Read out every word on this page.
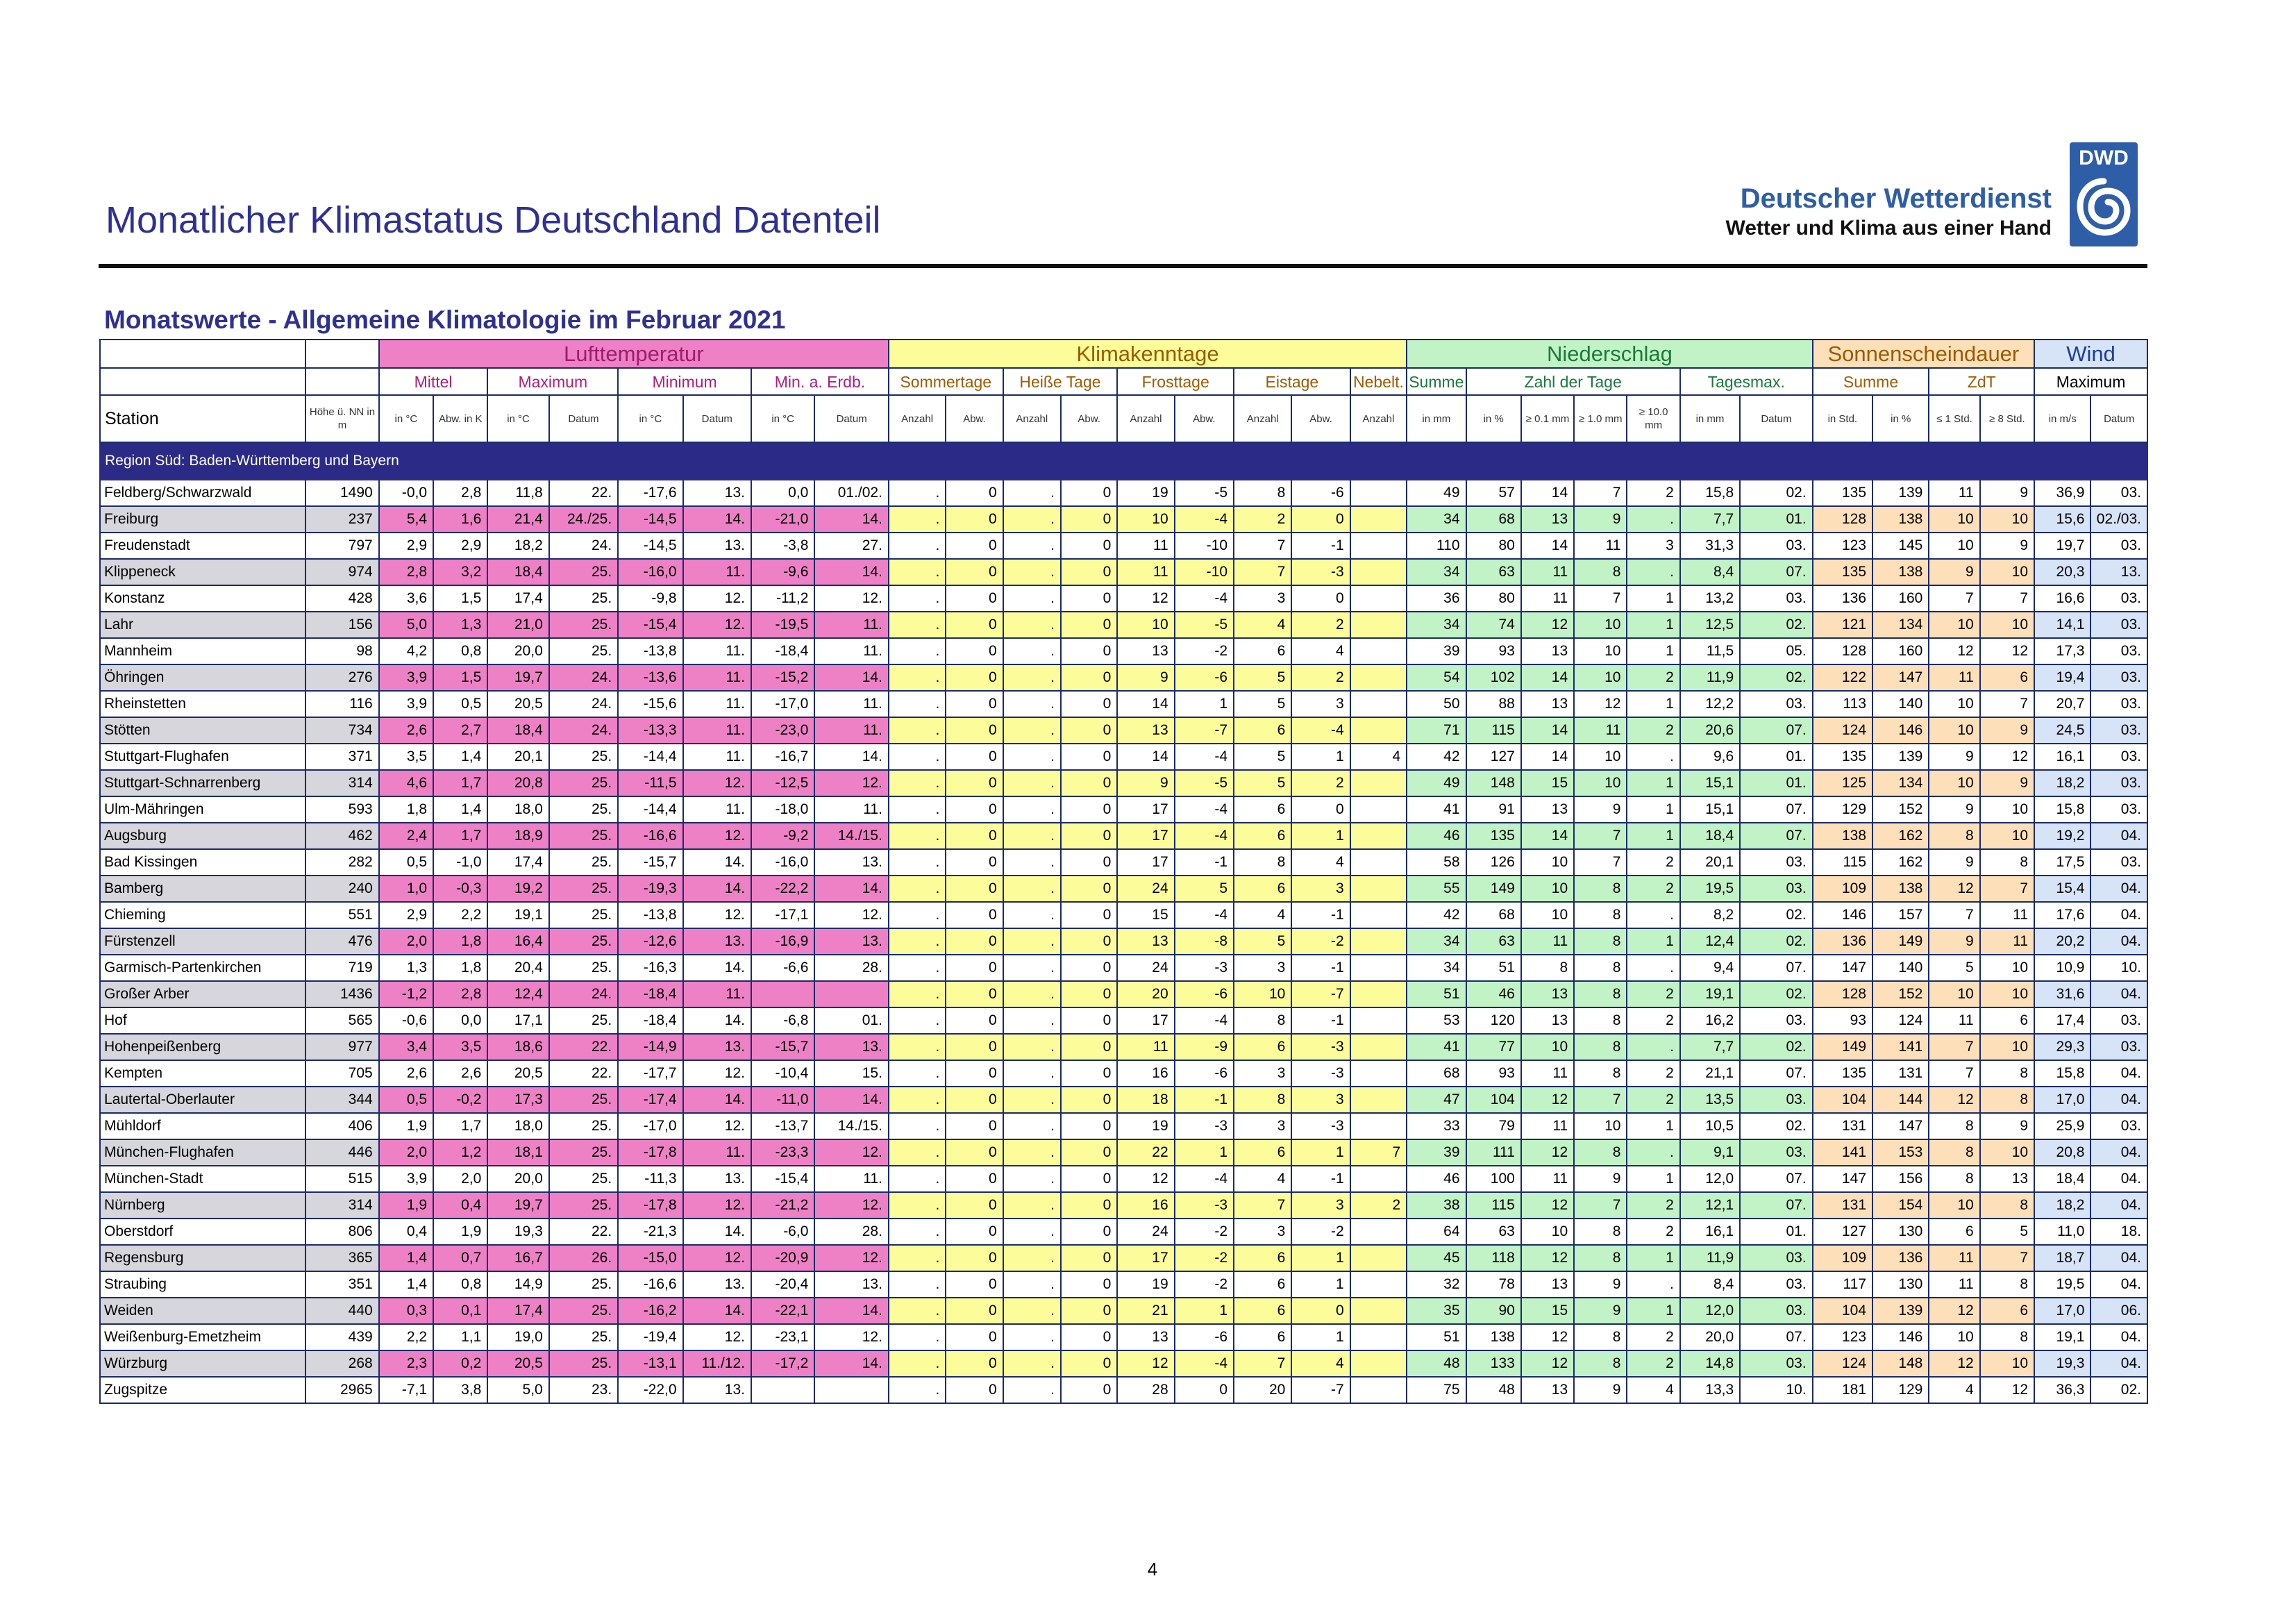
Monatlicher Klimastatus Deutschland Datenteil
Deutscher Wetterdienst
Wetter und Klima aus einer Hand
DWD
Monatswerte - Allgemeine Klimatologie im Februar 2021
		Lufttemperatur								Klimakenntage									Niederschlag							Sonnenscheindauer				Wind	
		Mittel		Maximum		Minimum		Min. a. Erdb.		Sommertage		Heiße Tage		Frosttage		Eistage		Nebelt.	Summe	Zahl der Tage				Tagesmax.		Summe		ZdT		Maximum	
Station	Höhe ü. NN in m	in °C	Abw. in K	in °C	Datum	in °C	Datum	in °C	Datum	Anzahl	Abw.	Anzahl	Abw.	Anzahl	Abw.	Anzahl	Abw.	Anzahl	in mm	in %	≥ 0.1 mm	≥ 1.0 mm	≥ 10.0 mm	in mm	Datum	in Std.	in %	≤ 1 Std.	≥ 8 Std.	in m/s	Datum
Region Süd: Baden-Württemberg und Bayern																															
Feldberg/Schwarzwald	1490	-0,0	2,8	11,8	22.	-17,6	13.	0,0	01./02.	.	0	.	0	19	-5	8	-6		49	57	14	7	2	15,8	02.	135	139	11	9	36,9	03.
Freiburg	237	5,4	1,6	21,4	24./25.	-14,5	14.	-21,0	14.	.	0	.	0	10	-4	2	0		34	68	13	9	.	7,7	01.	128	138	10	10	15,6	02./03.
Freudenstadt	797	2,9	2,9	18,2	24.	-14,5	13.	-3,8	27.	.	0	.	0	11	-10	7	-1		110	80	14	11	3	31,3	03.	123	145	10	9	19,7	03.
Klippeneck	974	2,8	3,2	18,4	25.	-16,0	11.	-9,6	14.	.	0	.	0	11	-10	7	-3		34	63	11	8	.	8,4	07.	135	138	9	10	20,3	13.
Konstanz	428	3,6	1,5	17,4	25.	-9,8	12.	-11,2	12.	.	0	.	0	12	-4	3	0		36	80	11	7	1	13,2	03.	136	160	7	7	16,6	03.
Lahr	156	5,0	1,3	21,0	25.	-15,4	12.	-19,5	11.	.	0	.	0	10	-5	4	2		34	74	12	10	1	12,5	02.	121	134	10	10	14,1	03.
Mannheim	98	4,2	0,8	20,0	25.	-13,8	11.	-18,4	11.	.	0	.	0	13	-2	6	4		39	93	13	10	1	11,5	05.	128	160	12	12	17,3	03.
Öhringen	276	3,9	1,5	19,7	24.	-13,6	11.	-15,2	14.	.	0	.	0	9	-6	5	2		54	102	14	10	2	11,9	02.	122	147	11	6	19,4	03.
Rheinstetten	116	3,9	0,5	20,5	24.	-15,6	11.	-17,0	11.	.	0	.	0	14	1	5	3		50	88	13	12	1	12,2	03.	113	140	10	7	20,7	03.
Stötten	734	2,6	2,7	18,4	24.	-13,3	11.	-23,0	11.	.	0	.	0	13	-7	6	-4		71	115	14	11	2	20,6	07.	124	146	10	9	24,5	03.
Stuttgart-Flughafen	371	3,5	1,4	20,1	25.	-14,4	11.	-16,7	14.	.	0	.	0	14	-4	5	1	4	42	127	14	10	.	9,6	01.	135	139	9	12	16,1	03.
Stuttgart-Schnarrenberg	314	4,6	1,7	20,8	25.	-11,5	12.	-12,5	12.	.	0	.	0	9	-5	5	2		49	148	15	10	1	15,1	01.	125	134	10	9	18,2	03.
Ulm-Mähringen	593	1,8	1,4	18,0	25.	-14,4	11.	-18,0	11.	.	0	.	0	17	-4	6	0		41	91	13	9	1	15,1	07.	129	152	9	10	15,8	03.
Augsburg	462	2,4	1,7	18,9	25.	-16,6	12.	-9,2	14./15.	.	0	.	0	17	-4	6	1		46	135	14	7	1	18,4	07.	138	162	8	10	19,2	04.
Bad Kissingen	282	0,5	-1,0	17,4	25.	-15,7	14.	-16,0	13.	.	0	.	0	17	-1	8	4		58	126	10	7	2	20,1	03.	115	162	9	8	17,5	03.
Bamberg	240	1,0	-0,3	19,2	25.	-19,3	14.	-22,2	14.	.	0	.	0	24	5	6	3		55	149	10	8	2	19,5	03.	109	138	12	7	15,4	04.
Chieming	551	2,9	2,2	19,1	25.	-13,8	12.	-17,1	12.	.	0	.	0	15	-4	4	-1		42	68	10	8	.	8,2	02.	146	157	7	11	17,6	04.
Fürstenzell	476	2,0	1,8	16,4	25.	-12,6	13.	-16,9	13.	.	0	.	0	13	-8	5	-2		34	63	11	8	1	12,4	02.	136	149	9	11	20,2	04.
Garmisch-Partenkirchen	719	1,3	1,8	20,4	25.	-16,3	14.	-6,6	28.	.	0	.	0	24	-3	3	-1		34	51	8	8	.	9,4	07.	147	140	5	10	10,9	10.
Großer Arber	1436	-1,2	2,8	12,4	24.	-18,4	11.			.	0	.	0	20	-6	10	-7		51	46	13	8	2	19,1	02.	128	152	10	10	31,6	04.
Hof	565	-0,6	0,0	17,1	25.	-18,4	14.	-6,8	01.	.	0	.	0	17	-4	8	-1		53	120	13	8	2	16,2	03.	93	124	11	6	17,4	03.
Hohenpeißenberg	977	3,4	3,5	18,6	22.	-14,9	13.	-15,7	13.	.	0	.	0	11	-9	6	-3		41	77	10	8	.	7,7	02.	149	141	7	10	29,3	03.
Kempten	705	2,6	2,6	20,5	22.	-17,7	12.	-10,4	15.	.	0	.	0	16	-6	3	-3		68	93	11	8	2	21,1	07.	135	131	7	8	15,8	04.
Lautertal-Oberlauter	344	0,5	-0,2	17,3	25.	-17,4	14.	-11,0	14.	.	0	.	0	18	-1	8	3		47	104	12	7	2	13,5	03.	104	144	12	8	17,0	04.
Mühldorf	406	1,9	1,7	18,0	25.	-17,0	12.	-13,7	14./15.	.	0	.	0	19	-3	3	-3		33	79	11	10	1	10,5	02.	131	147	8	9	25,9	03.
München-Flughafen	446	2,0	1,2	18,1	25.	-17,8	11.	-23,3	12.	.	0	.	0	22	1	6	1	7	39	111	12	8	.	9,1	03.	141	153	8	10	20,8	04.
München-Stadt	515	3,9	2,0	20,0	25.	-11,3	13.	-15,4	11.	.	0	.	0	12	-4	4	-1		46	100	11	9	1	12,0	07.	147	156	8	13	18,4	04.
Nürnberg	314	1,9	0,4	19,7	25.	-17,8	12.	-21,2	12.	.	0	.	0	16	-3	7	3	2	38	115	12	7	2	12,1	07.	131	154	10	8	18,2	04.
Oberstdorf	806	0,4	1,9	19,3	22.	-21,3	14.	-6,0	28.	.	0	.	0	24	-2	3	-2		64	63	10	8	2	16,1	01.	127	130	6	5	11,0	18.
Regensburg	365	1,4	0,7	16,7	26.	-15,0	12.	-20,9	12.	.	0	.	0	17	-2	6	1		45	118	12	8	1	11,9	03.	109	136	11	7	18,7	04.
Straubing	351	1,4	0,8	14,9	25.	-16,6	13.	-20,4	13.	.	0	.	0	19	-2	6	1		32	78	13	9	.	8,4	03.	117	130	11	8	19,5	04.
Weiden	440	0,3	0,1	17,4	25.	-16,2	14.	-22,1	14.	.	0	.	0	21	1	6	0		35	90	15	9	1	12,0	03.	104	139	12	6	17,0	06.
Weißenburg-Emetzheim	439	2,2	1,1	19,0	25.	-19,4	12.	-23,1	12.	.	0	.	0	13	-6	6	1		51	138	12	8	2	20,0	07.	123	146	10	8	19,1	04.
Würzburg	268	2,3	0,2	20,5	25.	-13,1	11./12.	-17,2	14.	.	0	.	0	12	-4	7	4		48	133	12	8	2	14,8	03.	124	148	12	10	19,3	04.
Zugspitze	2965	-7,1	3,8	5,0	23.	-22,0	13.			.	0	.	0	28	0	20	-7		75	48	13	9	4	13,3	10.	181	129	4	12	36,3	02.
4
